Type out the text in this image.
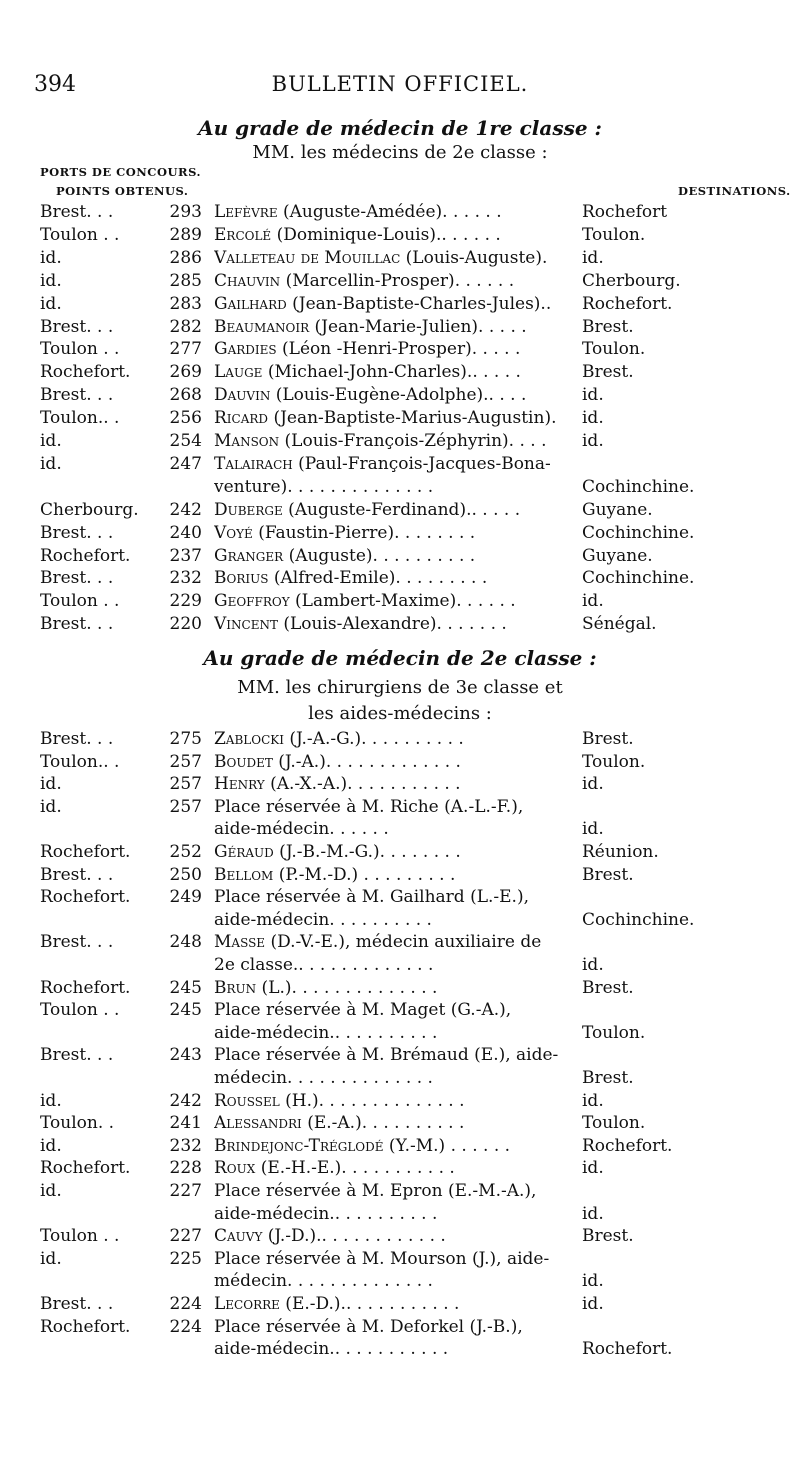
394	BULLETIN OFFICIEL.
Au grade de médecin de 1re classe :
MM. les médecins de 2e classe :
PORTS DE CONCOURS.
POINTS OBTENUS.	DESTINATIONS.
Brest. . .	293 Lefèvre (Auguste-Amédée). . . . . .	Rochefort
Toulon . .	289 Ercolé (Dominique-Louis).. . . . . .	Toulon.
id.	286 Valleteau de Mouillac (Louis-Auguste).	id.
id.	285 Chauvin (Marcellin-Prosper). . . . . .	Cherbourg.
id.	283 Gailhard (Jean-Baptiste-Charles-Jules)..	Rochefort.
Brest. . .	282 Beaumanoir (Jean-Marie-Julien). . . . .	Brest.
Toulon . .	277 Gardies (Léon -Henri-Prosper). . . . .	Toulon.
Rochefort.	269 Lauge (Michael-John-Charles).. . . . .	Brest.
Brest. . .	268 Dauvin (Louis-Eugène-Adolphe).. . . .	id.
Toulon.. .	256 Ricard (Jean-Baptiste-Marius-Augustin).	id.
id.	254 Manson (Louis-François-Zéphyrin). . . .	id.
id.	247 Talairach (Paul-François-Jacques-Bona-
venture). . . . . . . . . . . . . .	Cochinchine.
Cherbourg.	242 Duberge (Auguste-Ferdinand).. . . . .	Guyane.
Brest. . .	240 Voyé (Faustin-Pierre). . . . . . . .	Cochinchine.
Rochefort.	237 Granger (Auguste). . . . . . . . . .	Guyane.
Brest. . .	232 Borius (Alfred-Emile). . . . . . . . .	Cochinchine.
Toulon . .	229 Geoffroy (Lambert-Maxime). . . . . .	id.
Brest. . .	220 Vincent (Louis-Alexandre). . . . . . .	Sénégal.
Au grade de médecin de 2e classe :
MM. les chirurgiens de 3e classe et
les aides-médecins :
Brest. . .	275 Zablocki (J.-A.-G.). . . . . . . . . .	Brest.
Toulon.. .	257 Boudet (J.-A.). . . . . . . . . . . . .	Toulon.
id.	257 Henry (A.-X.-A.). . . . . . . . . . .	id.
id.	257 Place réservée à M. Riche (A.-L.-F.),
aide-médecin. . . . . .	id.
Rochefort.	252 Géraud (J.-B.-M.-G.). . . . . . . .	Réunion.
Brest. . .	250 Bellom (P.-M.-D.) . . . . . . . . .	Brest.
Rochefort.	249 Place réservée à M. Gailhard (L.-E.),
aide-médecin. . . . . . . . . .	Cochinchine.
Brest. . .	248 Masse (D.-V.-E.), médecin auxiliaire de
2e classe.. . . . . . . . . . . . .	id.
Rochefort.	245 Brun (L.). . . . . . . . . . . . . .	Brest.
Toulon . .	245 Place réservée à M. Maget (G.-A.),
aide-médecin.. . . . . . . . . .	Toulon.
Brest. . .	243 Place réservée à M. Brémaud (E.), aide-
médecin. . . . . . . . . . . . . .	Brest.
id.	242 Roussel (H.). . . . . . . . . . . . . .	id.
Toulon. .	241 Alessandri (E.-A.). . . . . . . . . .	Toulon.
id.	232 Brindejonc-Tréglodé (Y.-M.) . . . . . .	Rochefort.
Rochefort.	228 Roux (E.-H.-E.). . . . . . . . . . .	id.
id.	227 Place réservée à M. Epron (E.-M.-A.),
aide-médecin.. . . . . . . . . .	id.
Toulon . .	227 Cauvy (J.-D.).. . . . . . . . . . . .	Brest.
id.	225 Place réservée à M. Mourson (J.), aide-
médecin. . . . . . . . . . . . . .	id.
Brest. . .	224 Lecorre (E.-D.).. . . . . . . . . . .	id.
Rochefort.	224 Place réservée à M. Deforkel (J.-B.),
aide-médecin.. . . . . . . . . . .	Rochefort.
